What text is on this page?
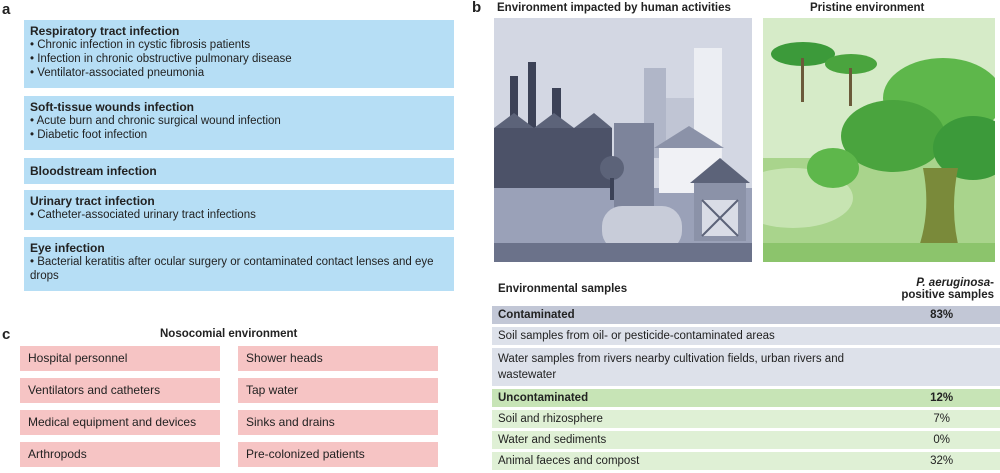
a	b
c
Respiratory tract infection
• Chronic infection in cystic fibrosis patients
• Infection in chronic obstructive pulmonary disease
• Ventilator-associated pneumonia
Soft-tissue wounds infection
• Acute burn and chronic surgical wound infection
• Diabetic foot infection
Bloodstream infection
Urinary tract infection
• Catheter-associated urinary tract infections
Eye infection
• Bacterial keratitis after ocular surgery or contaminated contact lenses and eye drops
Environment impacted by human activities	Pristine environment
Environmental samples	P. aeruginosa-positive samples
Contaminated	83%
Soil samples from oil- or pesticide-contaminated areas	
Water samples from rivers nearby cultivation fields, urban rivers and wastewater	
Uncontaminated	12%
Soil and rhizosphere	7%
Water and sediments	0%
Animal faeces and compost	32%
Nosocomial environment
Hospital personnel
Ventilators and catheters
Medical equipment and devices
Arthropods
Shower heads
Tap water
Sinks and drains
Pre-colonized patients
